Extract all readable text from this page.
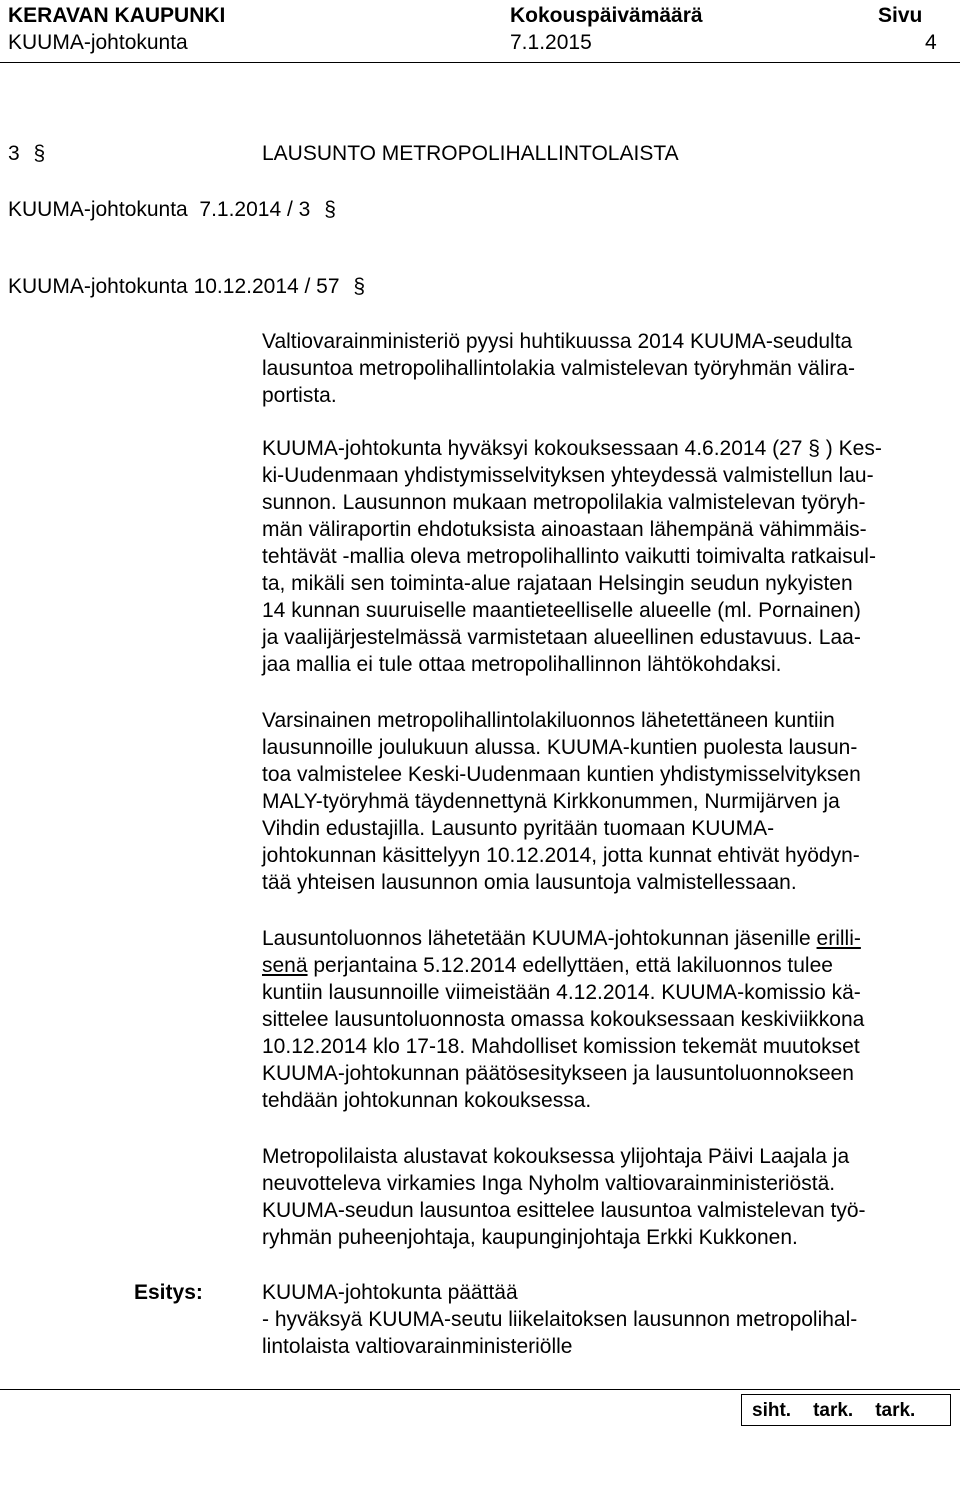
KERAVAN KAUPUNKI
KUUMA-johtokunta
Kokouspäivämäärä
7.1.2015
Sivu
4
3 §	LAUSUNTO METROPOLIHALLINTOLAISTA
KUUMA-johtokunta  7.1.2014 / 3 §
KUUMA-johtokunta 10.12.2014 / 57 §
Valtiovarainministeriö pyysi huhtikuussa 2014 KUUMA-seudulta
lausuntoa metropolihallintolakia valmistelevan työryhmän välira-
portista.
KUUMA-johtokunta hyväksyi kokouksessaan 4.6.2014 (27 § ) Kes-
ki-Uudenmaan yhdistymisselvityksen yhteydessä valmistellun lau-
sunnon. Lausunnon mukaan metropolilakia valmistelevan työryh-
män väliraportin ehdotuksista ainoastaan lähempänä vähimmäis-
tehtävät -mallia oleva metropolihallinto vaikutti toimivalta ratkaisul-
ta, mikäli sen toiminta-alue rajataan Helsingin seudun nykyisten
14 kunnan suuruiselle maantieteelliselle alueelle (ml. Pornainen)
ja vaalijärjestelmässä varmistetaan alueellinen edustavuus. Laa-
jaa mallia ei tule ottaa metropolihallinnon lähtökohdaksi.
Varsinainen metropolihallintolakiluonnos lähetettäneen kuntiin
lausunnoille joulukuun alussa. KUUMA-kuntien puolesta lausun-
toa valmistelee Keski-Uudenmaan kuntien yhdistymisselvityksen
MALY-työryhmä täydennettynä Kirkkonummen, Nurmijärven ja
Vihdin edustajilla. Lausunto pyritään tuomaan KUUMA-
johtokunnan käsittelyyn 10.12.2014, jotta kunnat ehtivät hyödyn-
tää yhteisen lausunnon omia lausuntoja valmistellessaan.
Lausuntoluonnos lähetetään KUUMA-johtokunnan jäsenille erilli-
senä perjantaina 5.12.2014 edellyttäen, että lakiluonnos tulee
kuntiin lausunnoille viimeistään 4.12.2014. KUUMA-komissio kä-
sittelee lausuntoluonnosta omassa kokouksessaan keskiviikkona
10.12.2014 klo 17-18. Mahdolliset komission tekemät muutokset
KUUMA-johtokunnan päätösesitykseen ja lausuntoluonnokseen
tehdään johtokunnan kokouksessa.
Metropolilaista alustavat kokouksessa ylijohtaja Päivi Laajala ja
neuvotteleva virkamies Inga Nyholm valtiovarainministeriöstä.
KUUMA-seudun lausuntoa esittelee lausuntoa valmistelevan työ-
ryhmän puheenjohtaja, kaupunginjohtaja Erkki Kukkonen.
Esitys:	KUUMA-johtokunta päättää
- hyväksyä KUUMA-seutu liikelaitoksen lausunnon metropolihal-
lintolaista valtiovarainministeriölle
siht. tark. tark.
